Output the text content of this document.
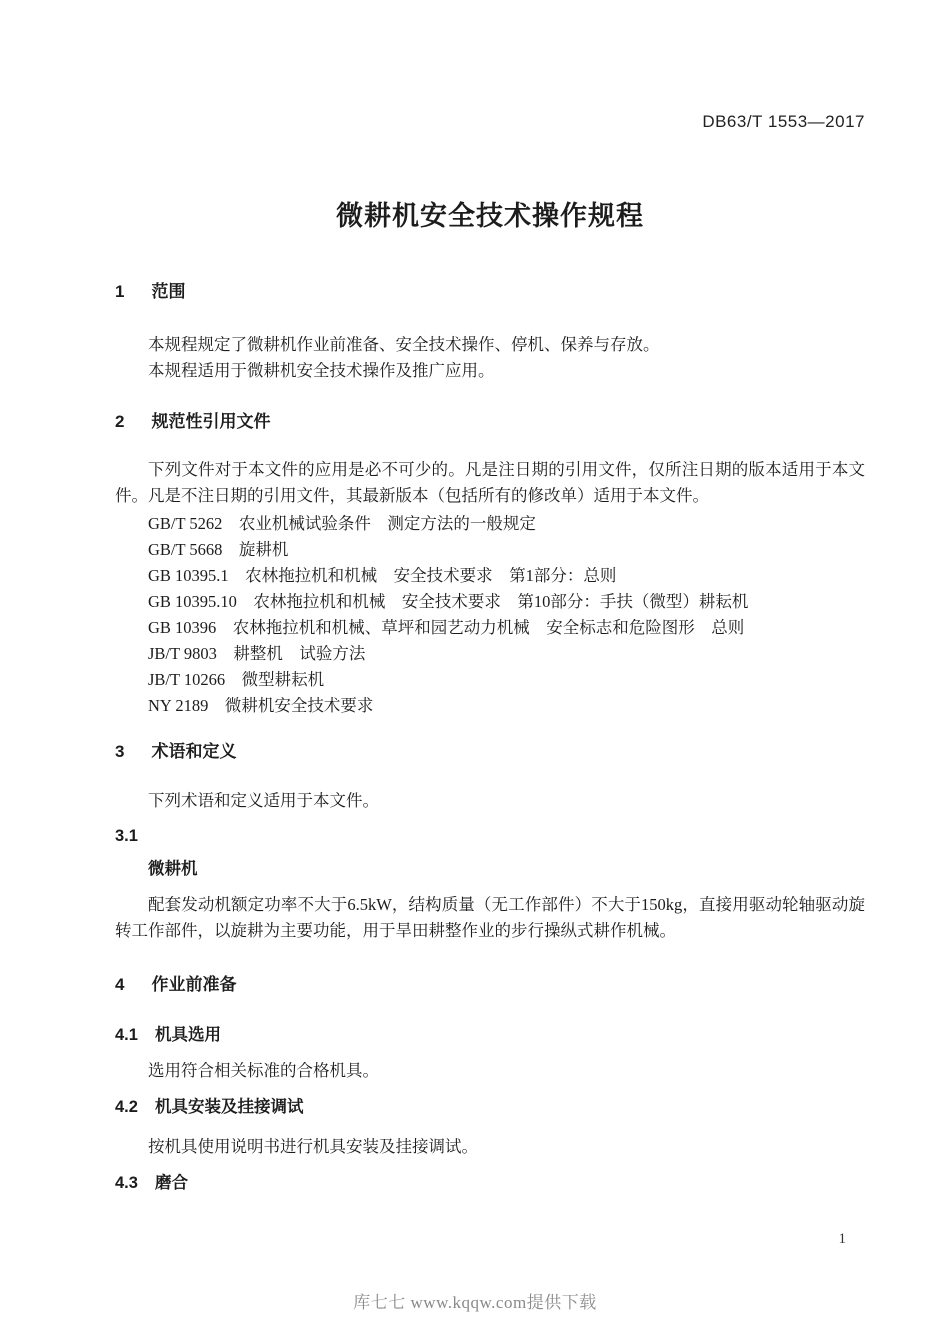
DB63/T 1553—2017
微耕机安全技术操作规程
1 范围
本规程规定了微耕机作业前准备、安全技术操作、停机、保养与存放。
本规程适用于微耕机安全技术操作及推广应用。
2 规范性引用文件
下列文件对于本文件的应用是必不可少的。凡是注日期的引用文件，仅所注日期的版本适用于本文件。凡是不注日期的引用文件，其最新版本（包括所有的修改单）适用于本文件。
GB/T 5262　农业机械试验条件　测定方法的一般规定
GB/T 5668　旋耕机
GB 10395.1　农林拖拉机和机械　安全技术要求　第1部分：总则
GB 10395.10　农林拖拉机和机械　安全技术要求　第10部分：手扶（微型）耕耘机
GB 10396　农林拖拉机和机械、草坪和园艺动力机械　安全标志和危险图形　总则
JB/T 9803　耕整机　试验方法
JB/T 10266　微型耕耘机
NY 2189　微耕机安全技术要求
3 术语和定义
下列术语和定义适用于本文件。
3.1
微耕机
配套发动机额定功率不大于6.5kW，结构质量（无工作部件）不大于150kg，直接用驱动轮轴驱动旋转工作部件，以旋耕为主要功能，用于旱田耕整作业的步行操纵式耕作机械。
4 作业前准备
4.1 机具选用
选用符合相关标准的合格机具。
4.2 机具安装及挂接调试
按机具使用说明书进行机具安装及挂接调试。
4.3 磨合
1
库七七 www.kqqw.com提供下载
